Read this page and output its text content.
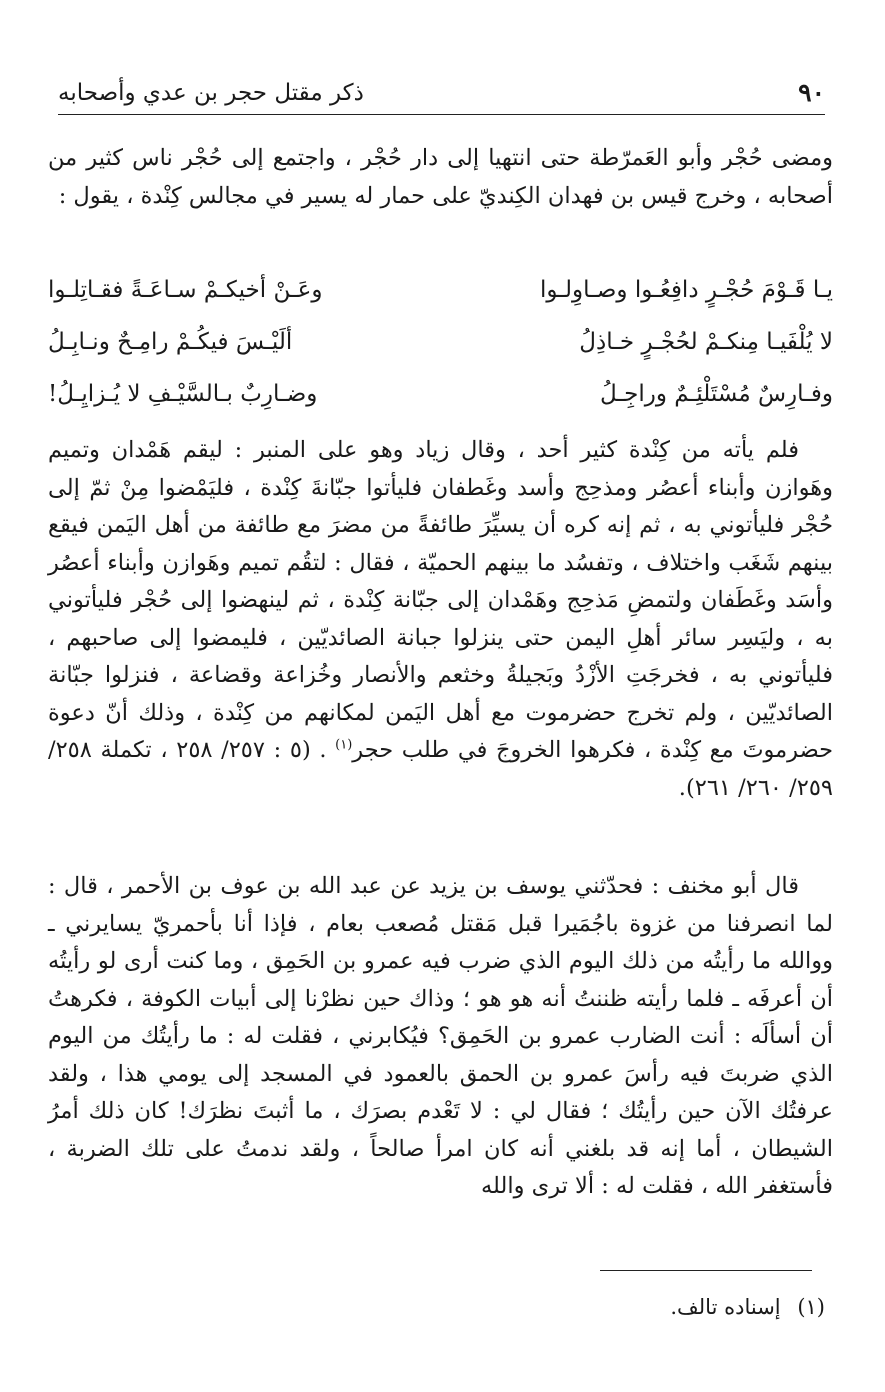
٩٠
ذكر مقتل حجر بن عدي وأصحابه

ومضى حُجْر وأبو العَمرّطة حتى انتهيا إلى دار حُجْر ، واجتمع إلى حُجْر ناس كثير من أصحابه ، وخرج قيس بن فهدان الكِنديّ على حمار له يسير في مجالس كِنْدة ، يقول :

يـا قَـوْمَ حُجْـرٍ دافِعُـوا وصـاوِلـوا
وعَـنْ أخيكـمْ سـاعَـةً فقـاتِلـوا
لا يُلْفَيـا مِنكـمْ لحُجْـرٍ خـاذِلُ
ألَيْـسَ فيكُـمْ رامِـحٌ ونـابِـلُ
وفـارِسٌ مُسْتَلْئِـمٌ وراجِـلُ
وضـارِبٌ بـالسَّيْـفِ لا يُـزايِـلُ!

فلم يأته من كِنْدة كثير أحد ، وقال زياد وهو على المنبر : ليقم هَمْدان وتميم وهَوازن وأبناء أعصُر ومذحِج وأسد وغَطفان فليأتوا جبّانةَ كِنْدة ، فليَمْضوا مِنْ ثمّ إلى حُجْر فليأتوني به ، ثم إنه كره أن يسيِّرَ طائفةً من مضرَ مع طائفة من أهل اليَمن فيقع بينهم شَغَب واختلاف ، وتفسُد ما بينهم الحميّة ، فقال : لتقُم تميم وهَوازن وأبناء أعصُر وأسَد وغَطَفان ولتمضِ مَذحِج وهَمْدان إلى جبّانة كِنْدة ، ثم لينهضوا إلى حُجْر فليأتوني به ، وليَسِر سائر أهلِ اليمن حتى ينزلوا جبانة الصائديّين ، فليمضوا إلى صاحبهم ، فليأتوني به ، فخرجَتِ الأزْدُ وبَجيلةُ وخثعم والأنصار وخُزاعة وقضاعة ، فنزلوا جبّانة الصائديّين ، ولم تخرج حضرموت مع أهل اليَمن لمكانهم من كِنْدة ، وذلك أنّ دعوة حضرموتَ مع كِنْدة ، فكرهوا الخروجَ في طلب حجر$^{(١)}$ . (٥ : ٢٥٧/ ٢٥٨ ، تكملة ٢٥٨/ ٢٥٩/ ٢٦٠/ ٢٦١).

قال أبو مخنف : فحدّثني يوسف بن يزيد عن عبد الله بن عوف بن الأحمر ، قال : لما انصرفنا من غزوة باجُمَيرا قبل مَقتل مُصعب بعام ، فإذا أنا بأحمريّ يسايرني ـ ووالله ما رأيتُه من ذلك اليوم الذي ضرب فيه عمرو بن الحَمِق ، وما كنت أرى لو رأيتُه أن أعرفَه ـ فلما رأيته ظننتُ أنه هو هو ؛ وذاك حين نظرْنا إلى أبيات الكوفة ، فكرهتُ أن أسألَه : أنت الضارب عمرو بن الحَمِق؟ فيُكابرني ، فقلت له : ما رأيتُك من اليوم الذي ضربتَ فيه رأسَ عمرو بن الحمق بالعمود في المسجد إلى يومي هذا ، ولقد عرفتُك الآن حين رأيتُك ؛ فقال لي : لا تَعْدم بصرَك ، ما أثبتَ نظرَك! كان ذلك أمرُ الشيطان ، أما إنه قد بلغني أنه كان امرأ صالحاً ، ولقد ندمتُ على تلك الضربة ، فأستغفر الله ، فقلت له : ألا ترى والله

(١) إسناده تالف.
